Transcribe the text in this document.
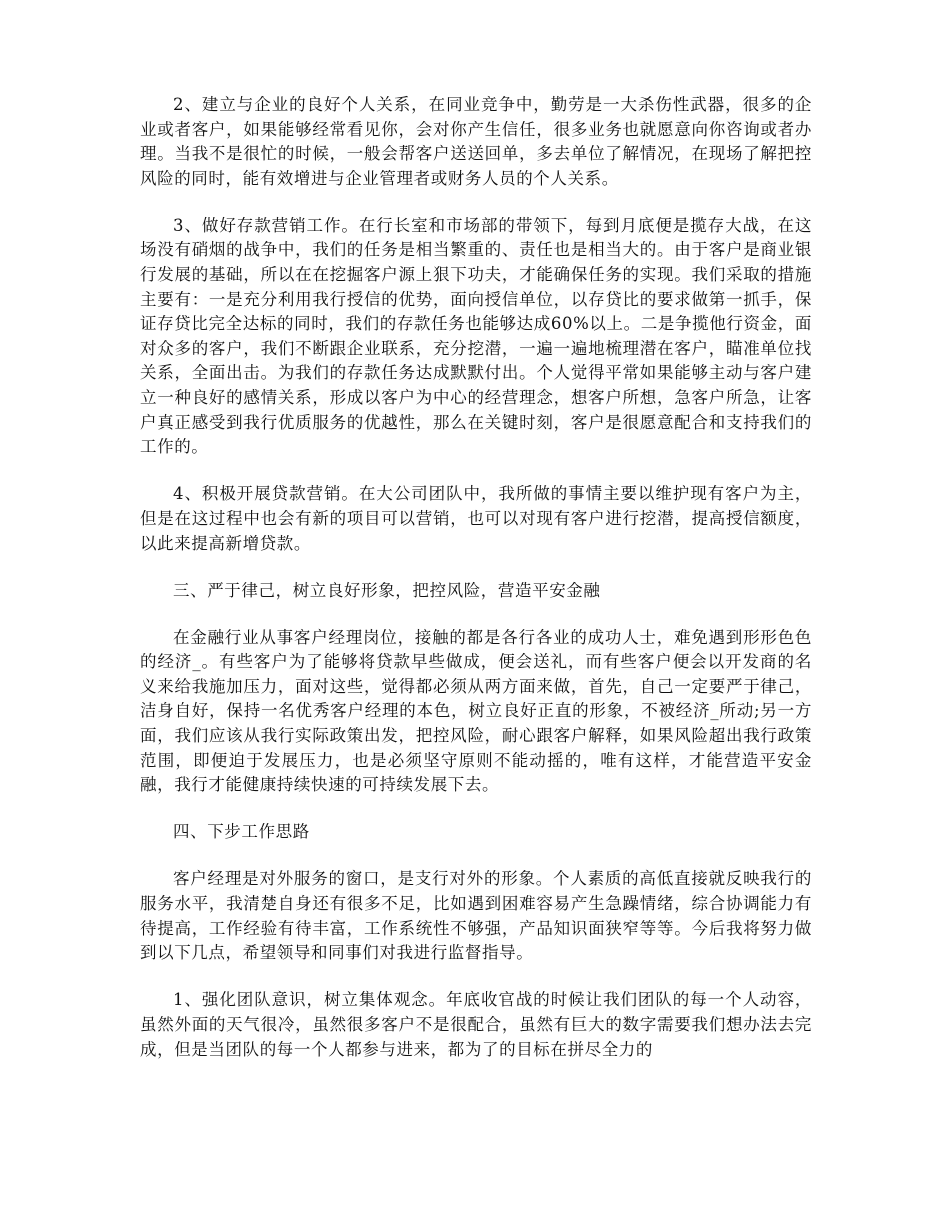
2、建立与企业的良好个人关系，在同业竞争中，勤劳是一大杀伤性武器，很多的企业或者客户，如果能够经常看见你，会对你产生信任，很多业务也就愿意向你咨询或者办理。当我不是很忙的时候，一般会帮客户送送回单，多去单位了解情况，在现场了解把控风险的同时，能有效增进与企业管理者或财务人员的个人关系。

3、做好存款营销工作。在行长室和市场部的带领下，每到月底便是揽存大战，在这场没有硝烟的战争中，我们的任务是相当繁重的、责任也是相当大的。由于客户是商业银行发展的基础，所以在在挖掘客户源上狠下功夫，才能确保任务的实现。我们采取的措施主要有：一是充分利用我行授信的优势，面向授信单位，以存贷比的要求做第一抓手，保证存贷比完全达标的同时，我们的存款任务也能够达成60%以上。二是争揽他行资金，面对众多的客户，我们不断跟企业联系，充分挖潜，一遍一遍地梳理潜在客户，瞄准单位找关系，全面出击。为我们的存款任务达成默默付出。个人觉得平常如果能够主动与客户建立一种良好的感情关系，形成以客户为中心的经营理念，想客户所想，急客户所急，让客户真正感受到我行优质服务的优越性，那么在关键时刻，客户是很愿意配合和支持我们的工作的。

4、积极开展贷款营销。在大公司团队中，我所做的事情主要以维护现有客户为主，但是在这过程中也会有新的项目可以营销，也可以对现有客户进行挖潜，提高授信额度，以此来提高新增贷款。

三、严于律己，树立良好形象，把控风险，营造平安金融

在金融行业从事客户经理岗位，接触的都是各行各业的成功人士，难免遇到形形色色的经济_。有些客户为了能够将贷款早些做成，便会送礼，而有些客户便会以开发商的名义来给我施加压力，面对这些，觉得都必须从两方面来做，首先，自己一定要严于律己，洁身自好，保持一名优秀客户经理的本色，树立良好正直的形象，不被经济_所动;另一方面，我们应该从我行实际政策出发，把控风险，耐心跟客户解释，如果风险超出我行政策范围，即便迫于发展压力，也是必须坚守原则不能动摇的，唯有这样，才能营造平安金融，我行才能健康持续快速的可持续发展下去。

四、下步工作思路

客户经理是对外服务的窗口，是支行对外的形象。个人素质的高低直接就反映我行的服务水平，我清楚自身还有很多不足，比如遇到困难容易产生急躁情绪，综合协调能力有待提高，工作经验有待丰富，工作系统性不够强，产品知识面狭窄等等。今后我将努力做到以下几点，希望领导和同事们对我进行监督指导。

1、强化团队意识，树立集体观念。年底收官战的时候让我们团队的每一个人动容，虽然外面的天气很冷，虽然很多客户不是很配合，虽然有巨大的数字需要我们想办法去完成，但是当团队的每一个人都参与进来，都为了的目标在拼尽全力的
